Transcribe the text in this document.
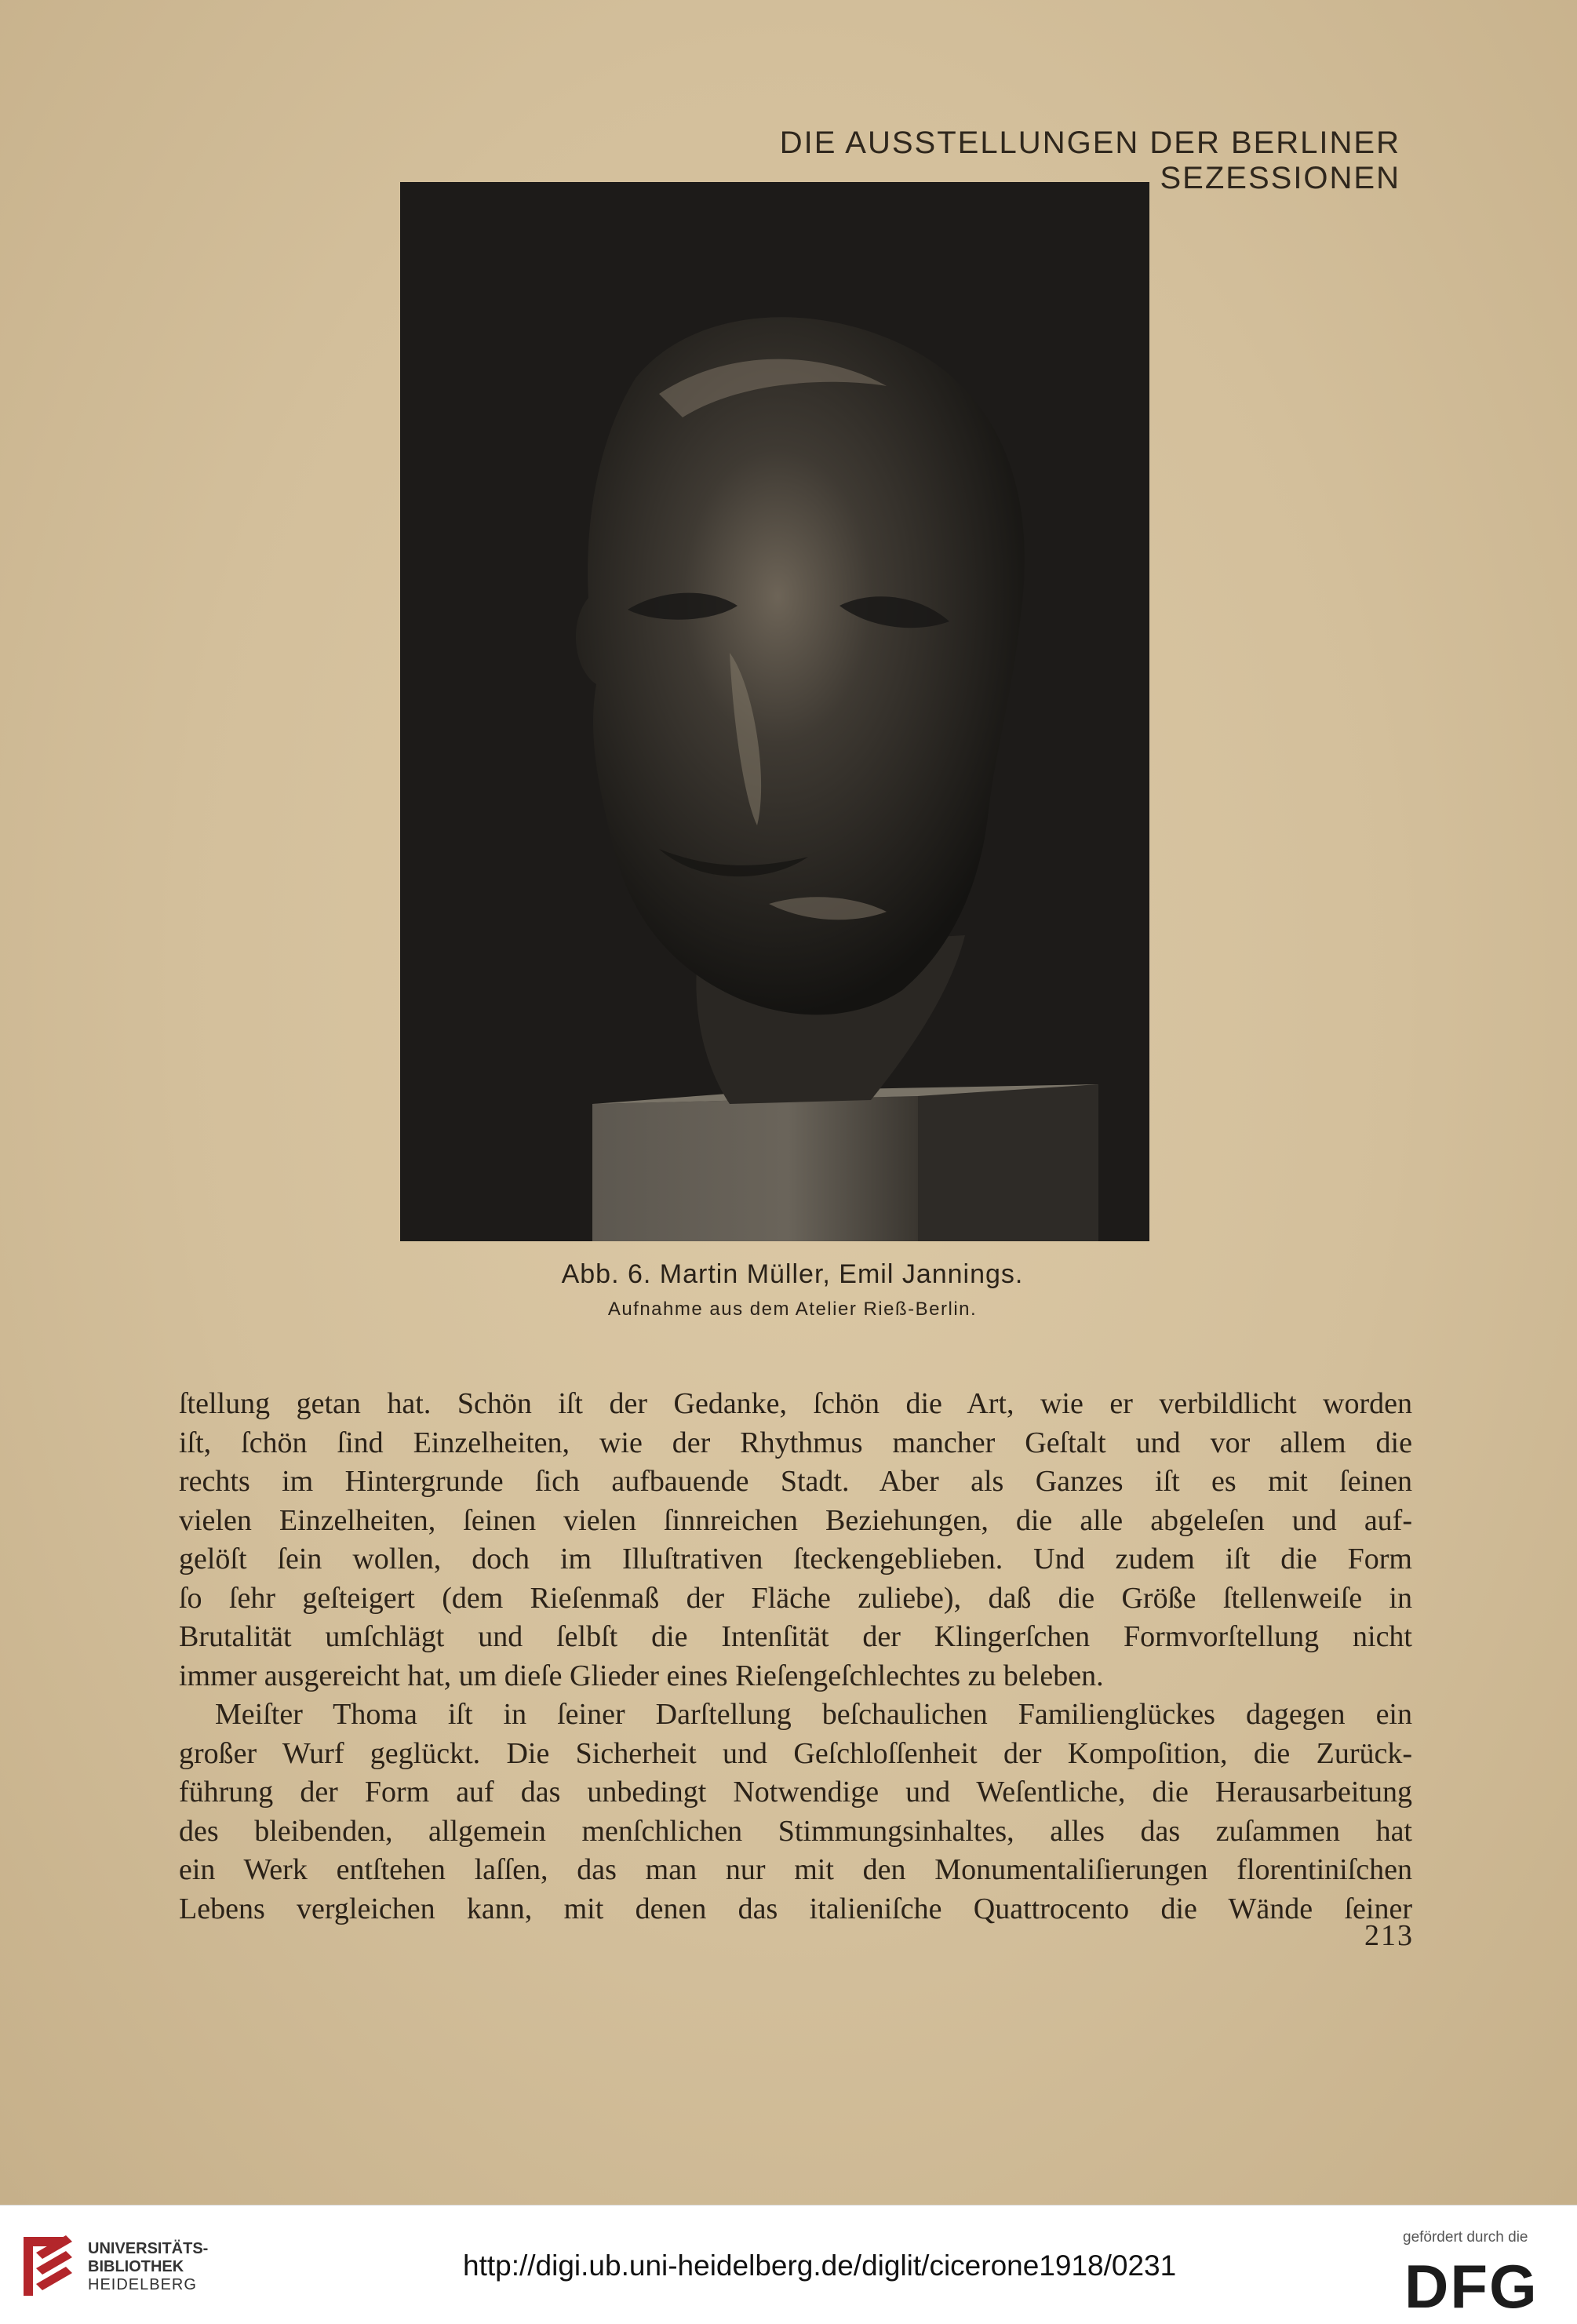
DIE AUSSTELLUNGEN DER BERLINER SEZESSIONEN
Abb. 6. Martin Müller, Emil Jannings.
Aufnahme aus dem Atelier Rieß-Berlin.
ſtellung getan hat. Schön iſt der Gedanke, ſchön die Art, wie er verbildlicht worden
iſt, ſchön ſind Einzelheiten, wie der Rhythmus mancher Geſtalt und vor allem die
rechts im Hintergrunde ſich aufbauende Stadt. Aber als Ganzes iſt es mit ſeinen
vielen Einzelheiten, ſeinen vielen ſinnreichen Beziehungen, die alle abgeleſen und auf-
gelöſt ſein wollen, doch im Illuſtrativen ſteckengeblieben. Und zudem iſt die Form
ſo ſehr geſteigert (dem Rieſenmaß der Fläche zuliebe), daß die Größe ſtellenweiſe in
Brutalität umſchlägt und ſelbſt die Intenſität der Klingerſchen Formvorſtellung nicht
immer ausgereicht hat, um dieſe Glieder eines Rieſengeſchlechtes zu beleben.
Meiſter Thoma iſt in ſeiner Darſtellung beſchaulichen Familienglückes dagegen ein
großer Wurf geglückt. Die Sicherheit und Geſchloſſenheit der Kompoſition, die Zurück-
führung der Form auf das unbedingt Notwendige und Weſentliche, die Herausarbeitung
des bleibenden, allgemein menſchlichen Stimmungsinhaltes, alles das zuſammen hat
ein Werk entſtehen laſſen, das man nur mit den Monumentaliſierungen florentiniſchen
Lebens vergleichen kann, mit denen das italieniſche Quattrocento die Wände ſeiner
213
UNIVERSITÄTS-
BIBLIOTHEK
HEIDELBERG
http://digi.ub.uni-heidelberg.de/diglit/cicerone1918/0231
gefördert durch die
DFG
